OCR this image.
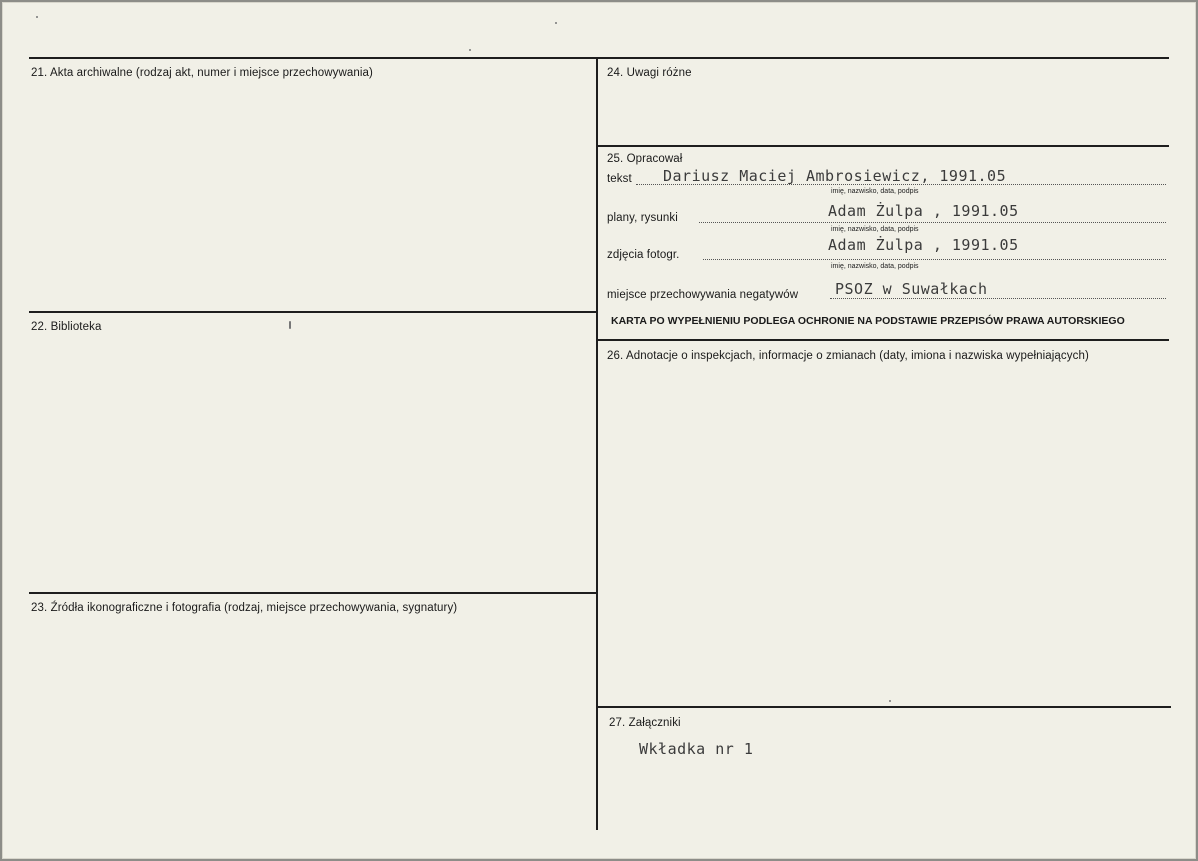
21. Akta archiwalne (rodzaj akt, numer i miejsce przechowywania)
22. Biblioteka
23. Źródła ikonograficzne i fotografia (rodzaj, miejsce przechowywania, sygnatury)
24. Uwagi różne
25. Opracował
tekst Dariusz Maciej Ambrosiewicz, 1991.05
imię, nazwisko, data, podpis
plany, rysunki	Adam Żulpa , 1991.05
imię, nazwisko, data, podpis
zdjęcia fotogr.
Adam Żulpa , 1991.05
imię, nazwisko, data, podpis
miejsce przechowywania negatywów PSOZ w Suwałkach
KARTA PO WYPEŁNIENIU PODLEGA OCHRONIE NA PODSTAWIE PRZEPISÓW PRAWA AUTORSKIEGO
26. Adnotacje o inspekcjach, informacje o zmianach (daty, imiona i nazwiska wypełniających)
27. Załączniki
Wkładka nr 1
